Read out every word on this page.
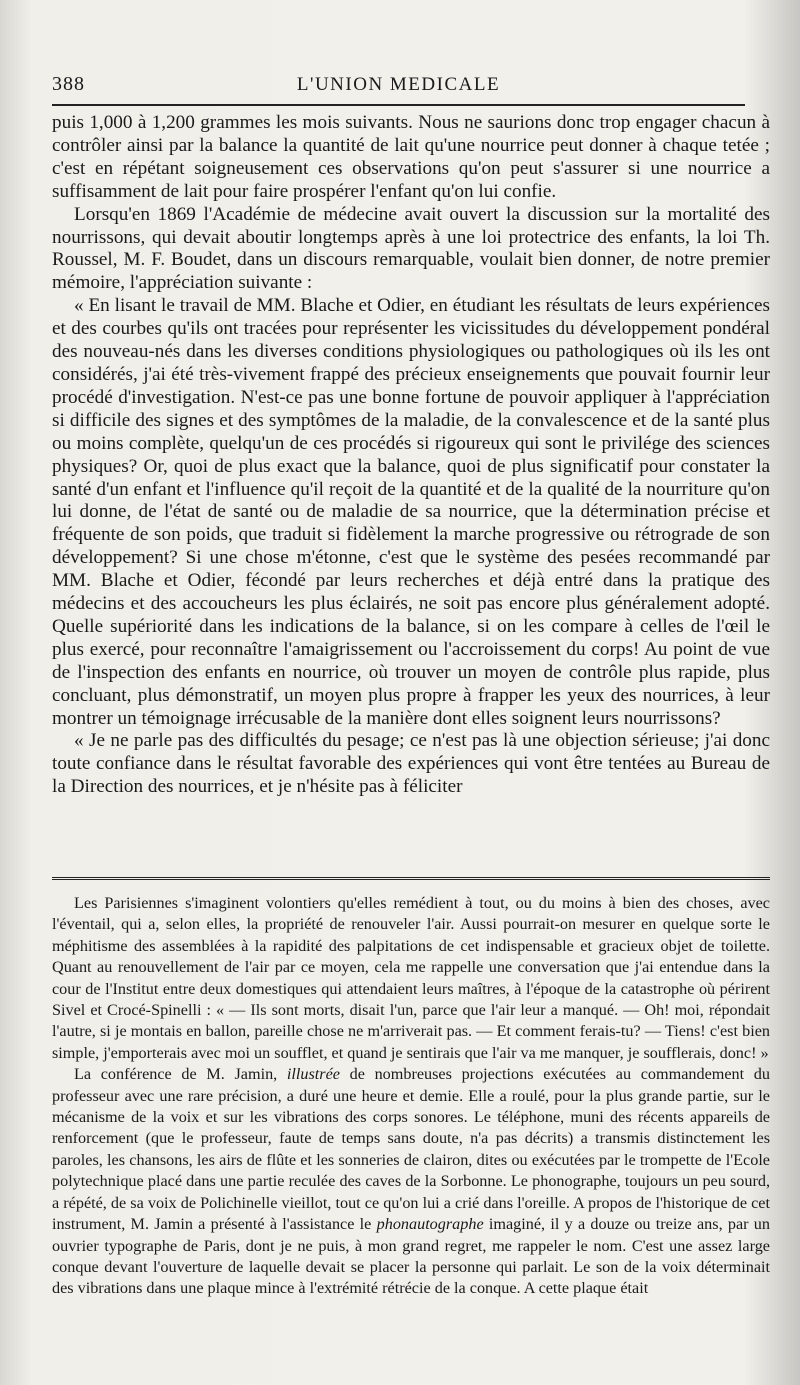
388	L'UNION MEDICALE

puis 1,000 à 1,200 grammes les mois suivants. Nous ne saurions donc trop engager chacun à contrôler ainsi par la balance la quantité de lait qu'une nourrice peut donner à chaque tetée ; c'est en répétant soigneusement ces observations qu'on peut s'assurer si une nourrice a suffisamment de lait pour faire prospérer l'enfant qu'on lui confie.

Lorsqu'en 1869 l'Académie de médecine avait ouvert la discussion sur la mortalité des nourrissons, qui devait aboutir longtemps après à une loi protectrice des enfants, la loi Th. Roussel, M. F. Boudet, dans un discours remarquable, voulait bien donner, de notre premier mémoire, l'appréciation suivante :

« En lisant le travail de MM. Blache et Odier, en étudiant les résultats de leurs expériences et des courbes qu'ils ont tracées pour représenter les vicissitudes du développement pondéral des nouveau-nés dans les diverses conditions physiologiques ou pathologiques où ils les ont considérés, j'ai été très-vivement frappé des précieux enseignements que pouvait fournir leur procédé d'investigation. N'est-ce pas une bonne fortune de pouvoir appliquer à l'appréciation si difficile des signes et des symptômes de la maladie, de la convalescence et de la santé plus ou moins complète, quelqu'un de ces procédés si rigoureux qui sont le privilége des sciences physiques? Or, quoi de plus exact que la balance, quoi de plus significatif pour constater la santé d'un enfant et l'influence qu'il reçoit de la quantité et de la qualité de la nourriture qu'on lui donne, de l'état de santé ou de maladie de sa nourrice, que la détermination précise et fréquente de son poids, que traduit si fidèlement la marche progressive ou rétrograde de son développement? Si une chose m'étonne, c'est que le système des pesées recommandé par MM. Blache et Odier, fécondé par leurs recherches et déjà entré dans la pratique des médecins et des accoucheurs les plus éclairés, ne soit pas encore plus généralement adopté. Quelle supériorité dans les indications de la balance, si on les compare à celles de l'œil le plus exercé, pour reconnaître l'amaigrissement ou l'accroissement du corps! Au point de vue de l'inspection des enfants en nourrice, où trouver un moyen de contrôle plus rapide, plus concluant, plus démonstratif, un moyen plus propre à frapper les yeux des nourrices, à leur montrer un témoignage irrécusable de la manière dont elles soignent leurs nourrissons?

« Je ne parle pas des difficultés du pesage; ce n'est pas là une objection sérieuse; j'ai donc toute confiance dans le résultat favorable des expériences qui vont être tentées au Bureau de la Direction des nourrices, et je n'hésite pas à féliciter

Les Parisiennes s'imaginent volontiers qu'elles remédient à tout, ou du moins à bien des choses, avec l'éventail, qui a, selon elles, la propriété de renouveler l'air. Aussi pourrait-on mesurer en quelque sorte le méphitisme des assemblées à la rapidité des palpitations de cet indispensable et gracieux objet de toilette. Quant au renouvellement de l'air par ce moyen, cela me rappelle une conversation que j'ai entendue dans la cour de l'Institut entre deux domestiques qui attendaient leurs maîtres, à l'époque de la catastrophe où périrent Sivel et Crocé-Spinelli : « — Ils sont morts, disait l'un, parce que l'air leur a manqué. — Oh! moi, répondait l'autre, si je montais en ballon, pareille chose ne m'arriverait pas. — Et comment ferais-tu? — Tiens! c'est bien simple, j'emporterais avec moi un soufflet, et quand je sentirais que l'air va me manquer, je soufflerais, donc! »

La conférence de M. Jamin, illustrée de nombreuses projections exécutées au commandement du professeur avec une rare précision, a duré une heure et demie. Elle a roulé, pour la plus grande partie, sur le mécanisme de la voix et sur les vibrations des corps sonores. Le téléphone, muni des récents appareils de renforcement (que le professeur, faute de temps sans doute, n'a pas décrits) a transmis distinctement les paroles, les chansons, les airs de flûte et les sonneries de clairon, dites ou exécutées par le trompette de l'Ecole polytechnique placé dans une partie reculée des caves de la Sorbonne. Le phonographe, toujours un peu sourd, a répété, de sa voix de Polichinelle vieillot, tout ce qu'on lui a crié dans l'oreille. A propos de l'historique de cet instrument, M. Jamin a présenté à l'assistance le phonautographe imaginé, il y a douze ou treize ans, par un ouvrier typographe de Paris, dont je ne puis, à mon grand regret, me rappeler le nom. C'est une assez large conque devant l'ouverture de laquelle devait se placer la personne qui parlait. Le son de la voix déterminait des vibrations dans une plaque mince à l'extrémité rétrécie de la conque. A cette plaque était
